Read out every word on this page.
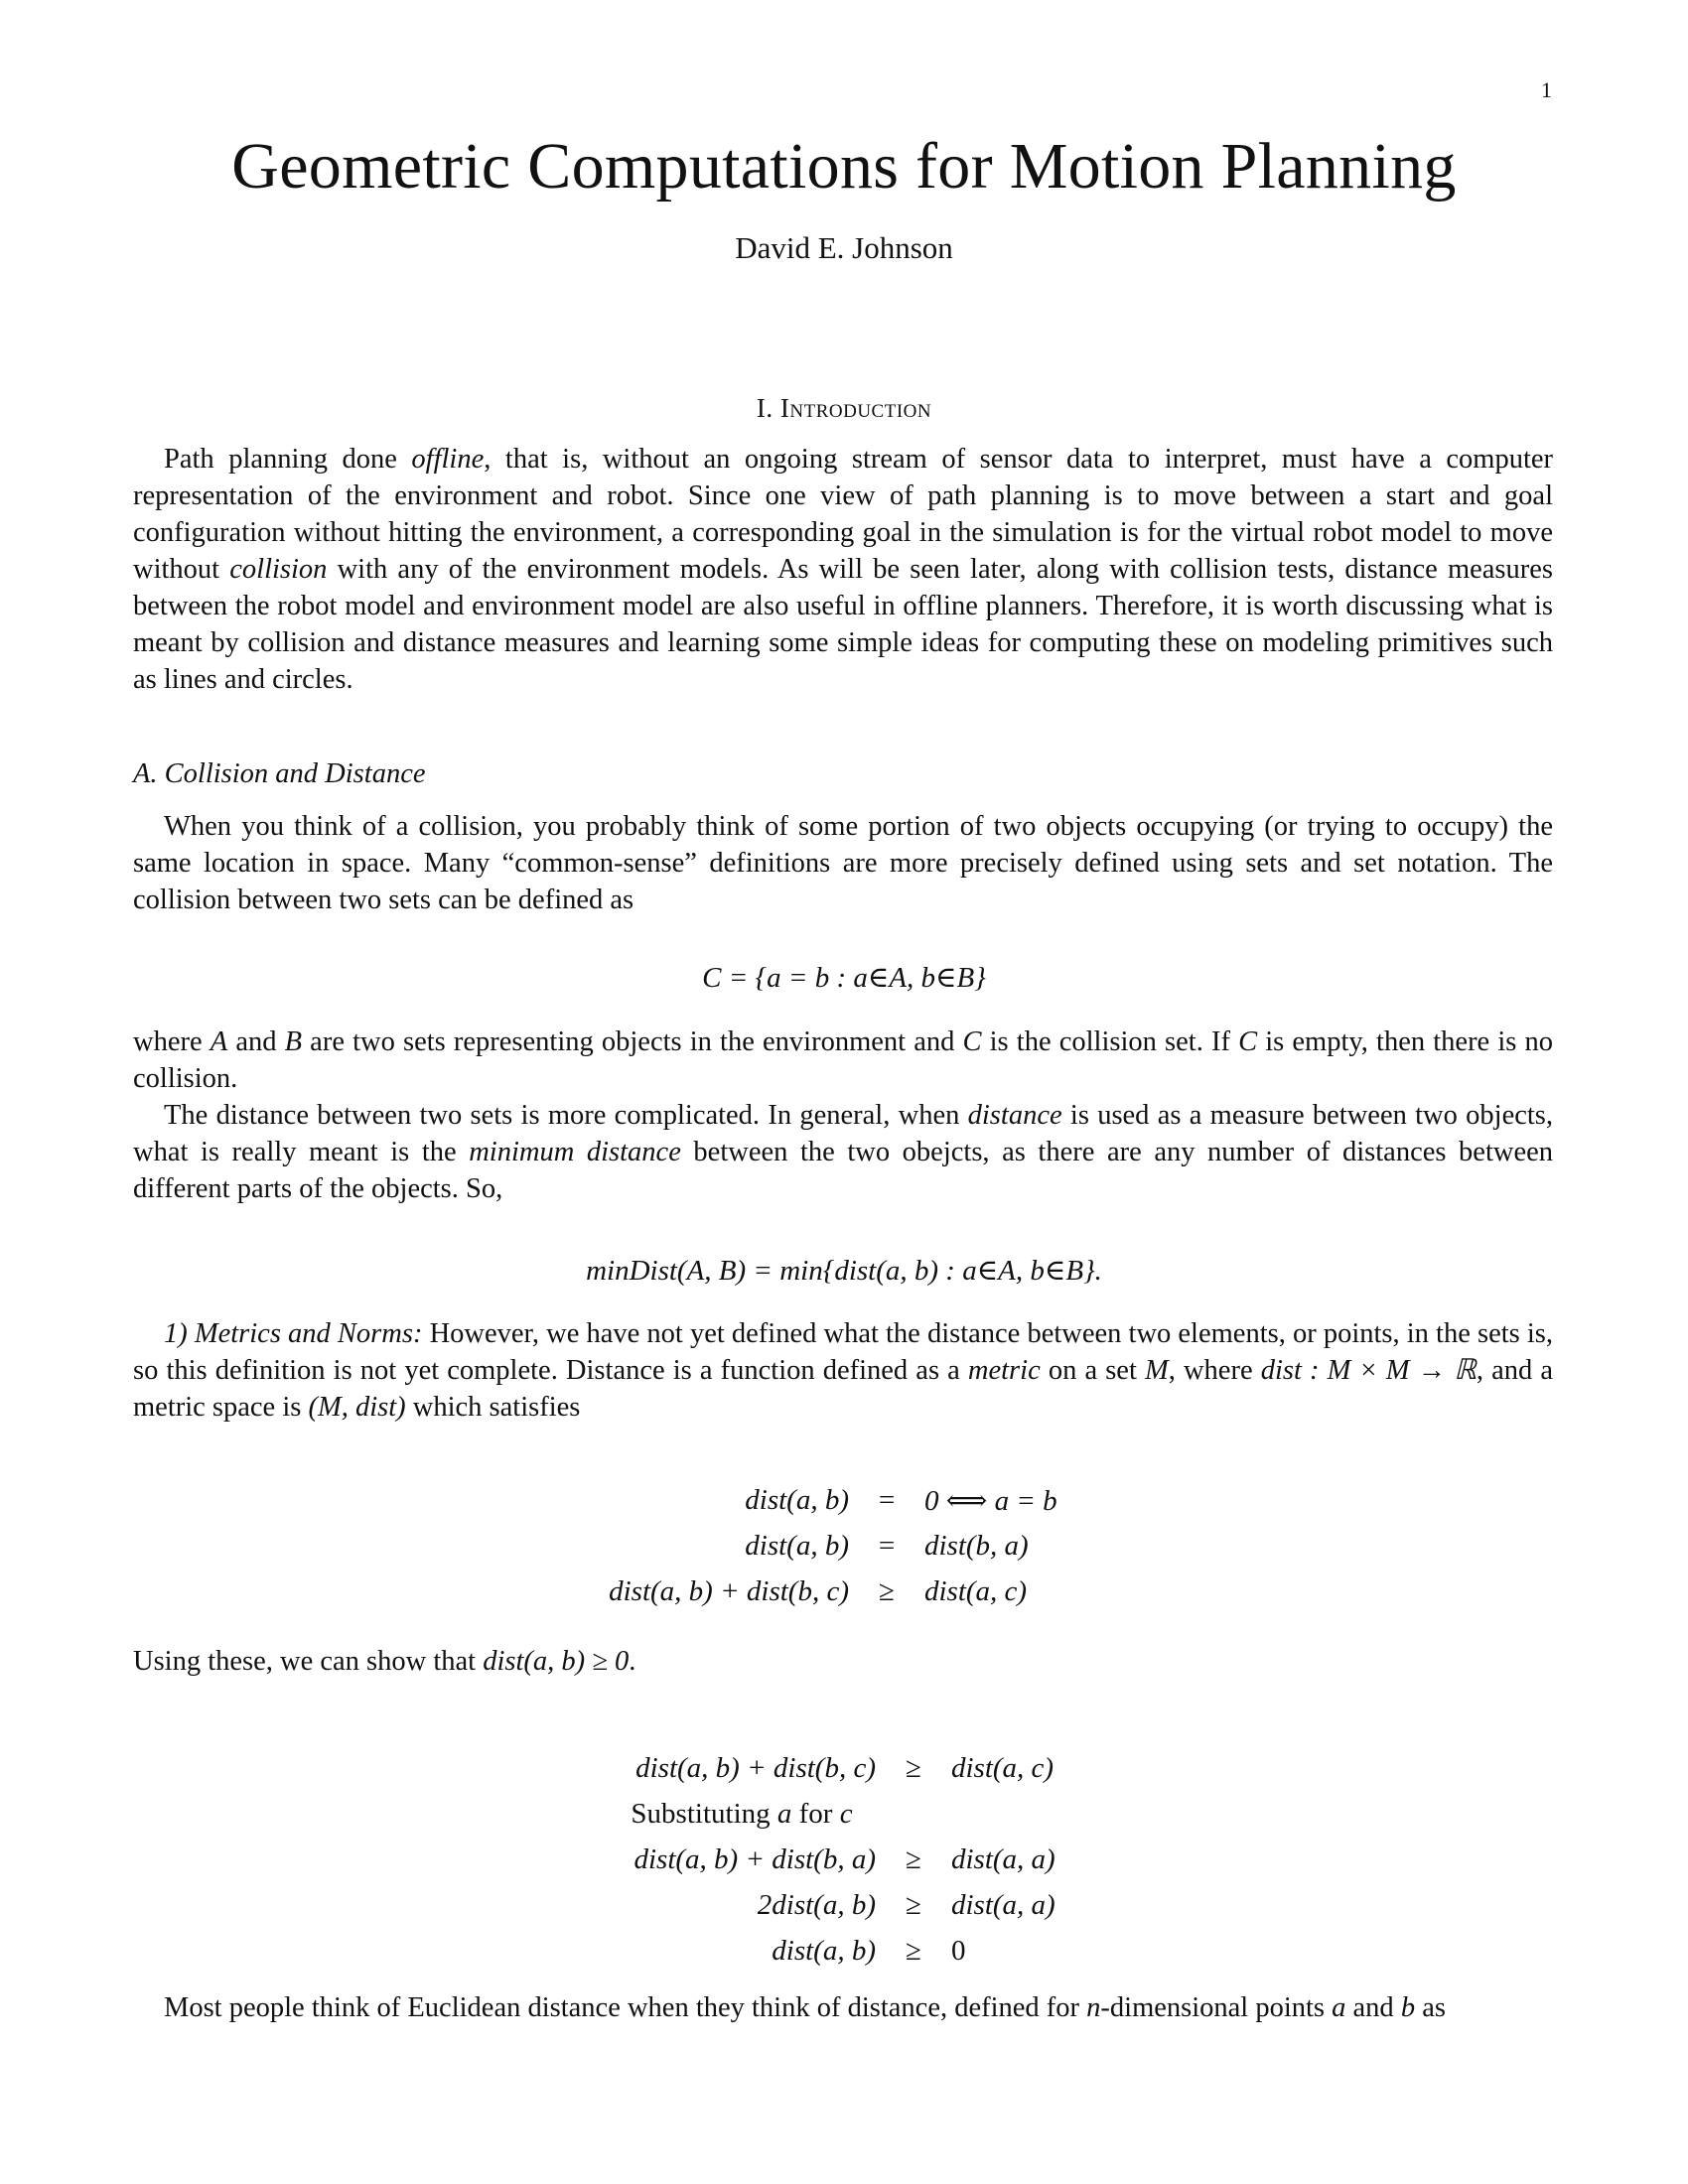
1
Geometric Computations for Motion Planning
David E. Johnson
I. Introduction
Path planning done offline, that is, without an ongoing stream of sensor data to interpret, must have a computer representation of the environment and robot. Since one view of path planning is to move between a start and goal configuration without hitting the environment, a corresponding goal in the simulation is for the virtual robot model to move without collision with any of the environment models. As will be seen later, along with collision tests, distance measures between the robot model and environment model are also useful in offline planners. Therefore, it is worth discussing what is meant by collision and distance measures and learning some simple ideas for computing these on modeling primitives such as lines and circles.
A. Collision and Distance
When you think of a collision, you probably think of some portion of two objects occupying (or trying to occupy) the same location in space. Many “common-sense” definitions are more precisely defined using sets and set notation. The collision between two sets can be defined as
C = {a = b : a∈A, b∈B}
where A and B are two sets representing objects in the environment and C is the collision set. If C is empty, then there is no collision.
The distance between two sets is more complicated. In general, when distance is used as a measure between two objects, what is really meant is the minimum distance between the two obejcts, as there are any number of distances between different parts of the objects. So,
minDist(A, B) = min{dist(a, b) : a∈A, b∈B}.
1) Metrics and Norms: However, we have not yet defined what the distance between two elements, or points, in the sets is, so this definition is not yet complete. Distance is a function defined as a metric on a set M, where dist : M × M → ℝ, and a metric space is (M, dist) which satisfies
dist(a, b)	=	0 ⟺ a = b
dist(a, b)	=	dist(b, a)
dist(a, b) + dist(b, c)	≥	dist(a, c)
Using these, we can show that dist(a, b) ≥ 0.
dist(a, b) + dist(b, c)	≥	dist(a, c)
Substituting a for c		
dist(a, b) + dist(b, a)	≥	dist(a, a)
2dist(a, b)	≥	dist(a, a)
dist(a, b)	≥	0
Most people think of Euclidean distance when they think of distance, defined for n-dimensional points a and b as
